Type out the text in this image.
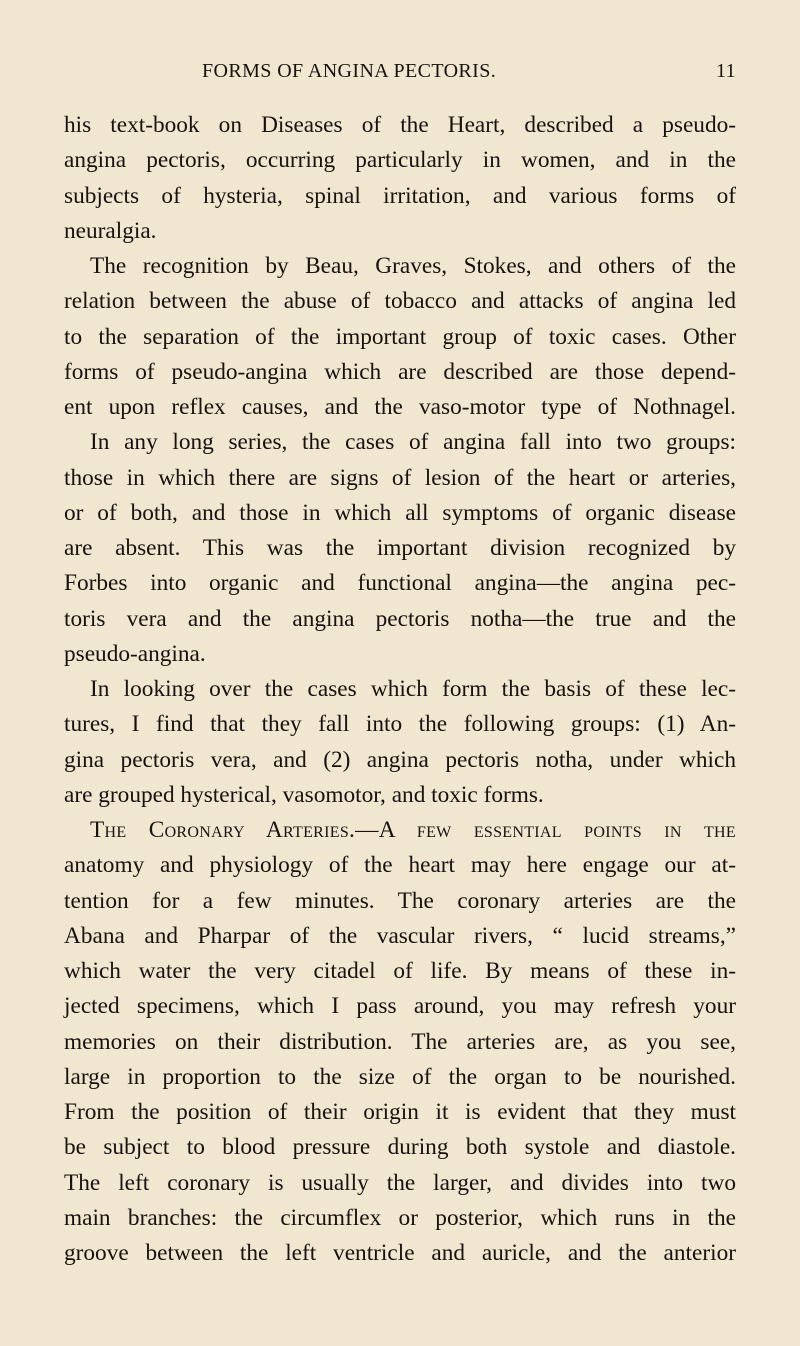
FORMS OF ANGINA PECTORIS.	11
his text-book on Diseases of the Heart, described a pseudo-
angina pectoris, occurring particularly in women, and in the
subjects of hysteria, spinal irritation, and various forms of
neuralgia.
The recognition by Beau, Graves, Stokes, and others of the
relation between the abuse of tobacco and attacks of angina led
to the separation of the important group of toxic cases. Other
forms of pseudo-angina which are described are those depend-
ent upon reflex causes, and the vaso-motor type of Nothnagel.
In any long series, the cases of angina fall into two groups:
those in which there are signs of lesion of the heart or arteries,
or of both, and those in which all symptoms of organic disease
are absent. This was the important division recognized by
Forbes into organic and functional angina—the angina pec-
toris vera and the angina pectoris notha—the true and the
pseudo-angina.
In looking over the cases which form the basis of these lec-
tures, I find that they fall into the following groups: (1) An-
gina pectoris vera, and (2) angina pectoris notha, under which
are grouped hysterical, vasomotor, and toxic forms.
The Coronary Arteries.—A few essential points in the
anatomy and physiology of the heart may here engage our at-
tention for a few minutes. The coronary arteries are the
Abana and Pharpar of the vascular rivers, “ lucid streams,”
which water the very citadel of life. By means of these in-
jected specimens, which I pass around, you may refresh your
memories on their distribution. The arteries are, as you see,
large in proportion to the size of the organ to be nourished.
From the position of their origin it is evident that they must
be subject to blood pressure during both systole and diastole.
The left coronary is usually the larger, and divides into two
main branches: the circumflex or posterior, which runs in the
groove between the left ventricle and auricle, and the anterior
